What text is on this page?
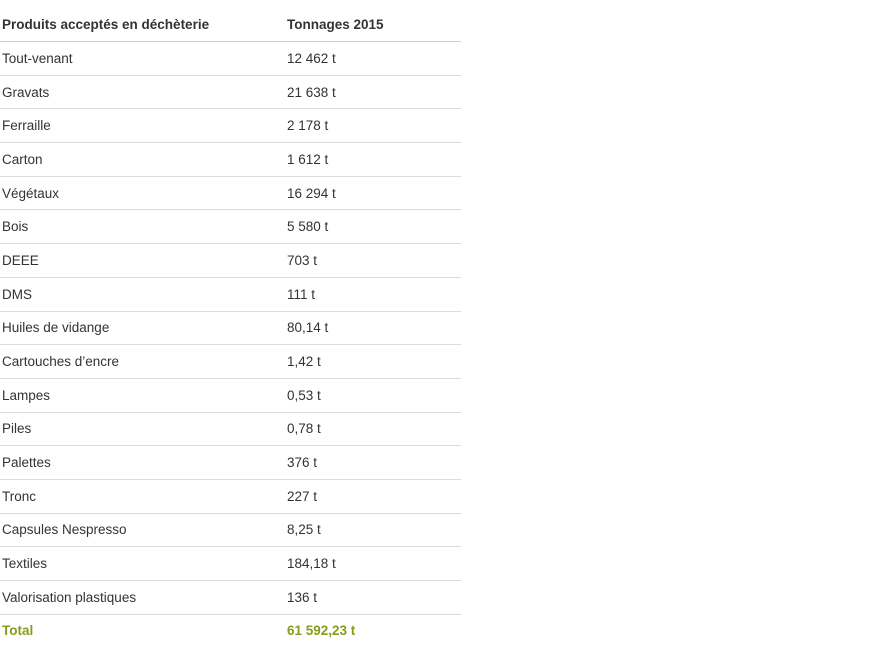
Produits acceptés en déchèterie	Tonnages 2015
Tout-venant	12 462 t
Gravats	21 638 t
Ferraille	2 178 t
Carton	1 612 t
Végétaux	16 294 t
Bois	5 580 t
DEEE	703 t
DMS	111 t
Huiles de vidange	80,14 t
Cartouches d’encre	1,42 t
Lampes	0,53 t
Piles	0,78 t
Palettes	376 t
Tronc	227 t
Capsules Nespresso	8,25 t
Textiles	184,18 t
Valorisation plastiques	136 t
Total	61 592,23 t
